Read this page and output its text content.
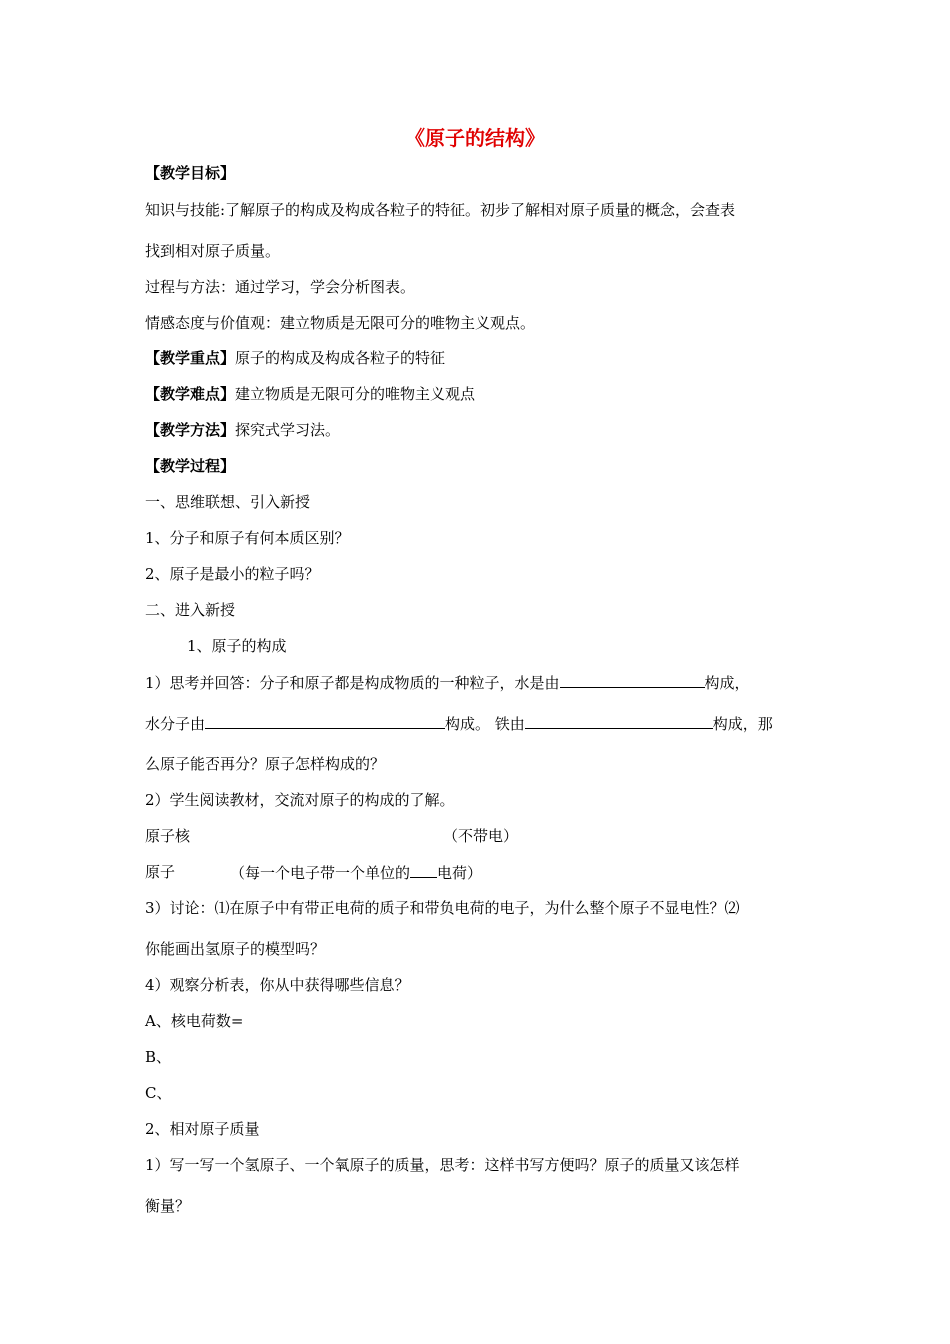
《原子的结构》
【教学目标】
知识与技能:了解原子的构成及构成各粒子的特征。初步了解相对原子质量的概念，会查表
找到相对原子质量。
过程与方法：通过学习，学会分析图表。
情感态度与价值观：建立物质是无限可分的唯物主义观点。
【教学重点】原子的构成及构成各粒子的特征
【教学难点】建立物质是无限可分的唯物主义观点
【教学方法】探究式学习法。
【教学过程】
一、思维联想、引入新授
1、分子和原子有何本质区别？
2、原子是最小的粒子吗？
二、进入新授
1、原子的构成
1）思考并回答：分子和原子都是构成物质的一种粒子，水是由	构成，
水分子由	构成。 铁由	构成，那
么原子能否再分？原子怎样构成的？
2）学生阅读教材，交流对原子的构成的了解。
原子核	（不带电）
原子	（每一个电子带一个单位的 电荷）
3）讨论：⑴在原子中有带正电荷的质子和带负电荷的电子，为什么整个原子不显电性？⑵
你能画出氢原子的模型吗？
4）观察分析表，你从中获得哪些信息？
A、核电荷数=
B、
C、
2、相对原子质量
1）写一写一个氢原子、一个氧原子的质量，思考：这样书写方便吗？原子的质量又该怎样
衡量？
